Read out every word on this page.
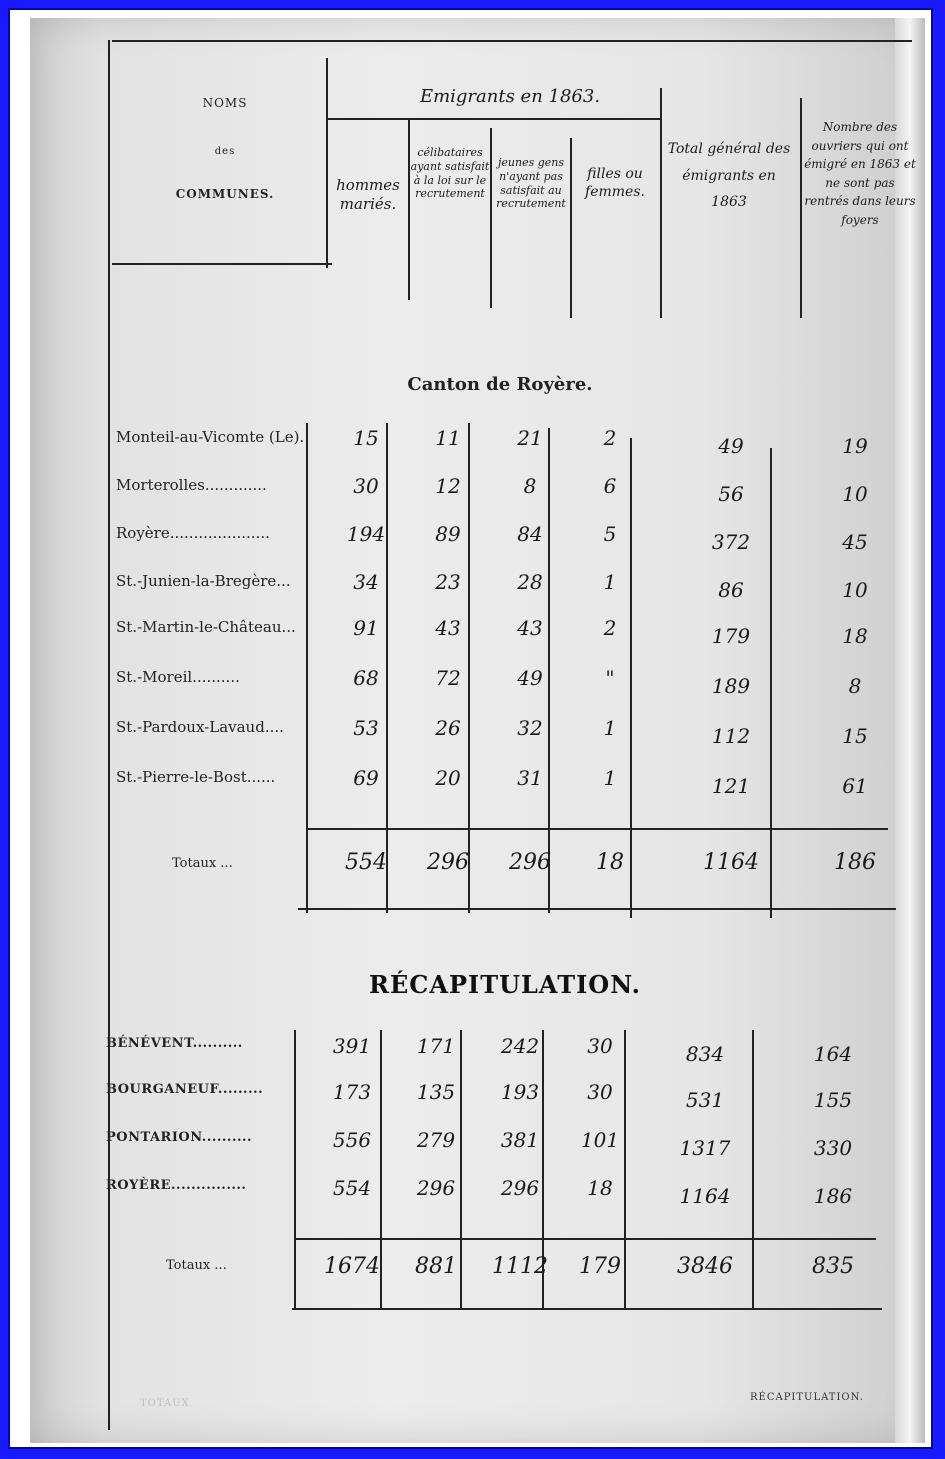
NOMS
des
COMMUNES.
Emigrants en 1863.
hommes mariés.
célibataires ayant satisfait à la loi sur le recrutement
jeunes gens n'ayant pas satisfait au recrutement
filles ou femmes.
Total général des émigrants en 1863
Nombre des ouvriers qui ont émigré en 1863 et ne sont pas rentrés dans leurs foyers
Canton de Royère.
Monteil-au-Vicomte (Le).	15	11	21	2	49	19
Morterolles.............	30	12	8	6	56	10
Royère.....................	194	89	84	5	372	45
St.-Junien-la-Bregère...	34	23	28	1	86	10
St.-Martin-le-Château...	91	43	43	2	179	18
St.-Moreil..........	68	72	49	"	189	8
St.-Pardoux-Lavaud....	53	26	32	1	112	15
St.-Pierre-le-Bost......	69	20	31	1	121	61
Totaux ...	554	296	296	18	1164	186
RÉCAPITULATION.
BÉNÉVENT..........	391	171	242	30	834	164
BOURGANEUF.........	173	135	193	30	531	155
PONTARION..........	556	279	381	101	1317	330
ROYÈRE...............	554	296	296	18	1164	186
Totaux ...	1674	881	1112	179	3846	835
TOTAUX
RÉCAPITULATION.
